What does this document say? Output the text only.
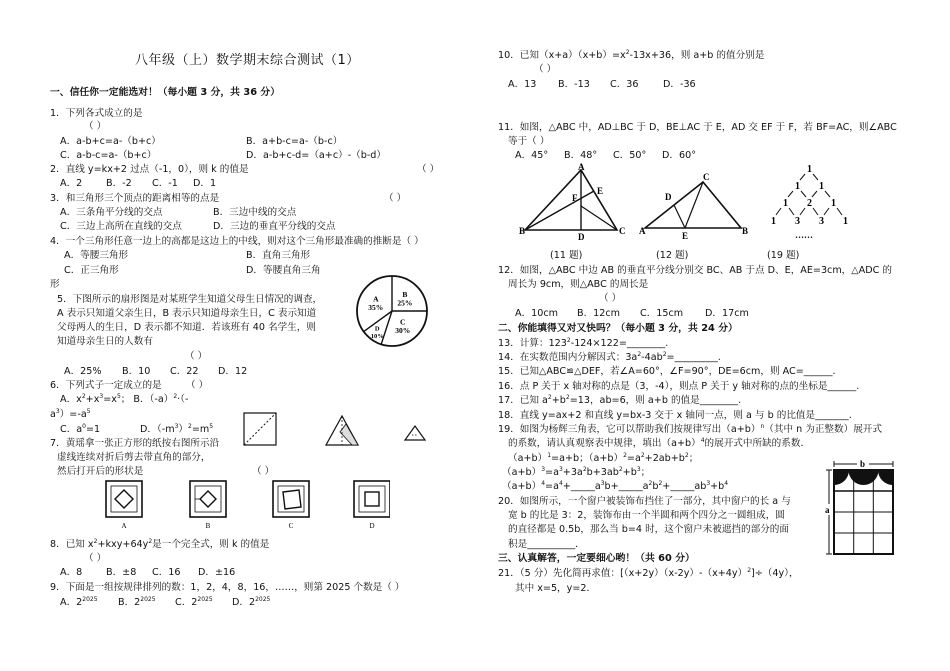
八年级（上）数学期末综合测试（1）
一、信任你一定能选对！（每小题 3 分，共 36 分）
1．下列各式成立的是
（ ）
A．a-b+c=a-（b+c）	B．a+b-c=a-（b-c）
C．a-b-c=a-（b+c）	D．a-b+c-d=（a+c）-（b-d）
2．直线 y=kx+2 过点（-1，0），则 k 的值是	（ ）
A．2 B．-2 C．-1 D．1
3．和三角形三个顶点的距离相等的点是	（ ）
A．三条角平分线的交点	B．三边中线的交点
C．三边上高所在直线的交点	D．三边的垂直平分线的交点
4．一个三角形任意一边上的高都是这边上的中线，则对这个三角形最准确的推断是（ ）
A．等腰三角形	B．直角三角形
C．正三角形	D．等腰直角三角
形
5．下图所示的扇形图是对某班学生知道父母生日情况的调查，
A 表示只知道父亲生日，B 表示只知道母亲生日，C 表示知道
父母两人的生日，D 表示都不知道．若该班有 40 名学生，则
知道母亲生日的人数有
（ ）
A．25% B．10 C．22 D．12
B
25%
C
30%
D
10%
A
35%
6．下列式子一定成立的是	（ ）
A．$x^2+x^3=x^5$； B．$(-a)^2\cdot(-$
$a^3)=-a^5$
C．$a^0=1$	D．$(-m^3)^2=m^5$
7．黄瑶拿一张正方形的纸按右图所示沿
虚线连续对折后剪去带直角的部分，
然后打开后的形状是	（ ）
A	B	C	D
8．已知 $x^2+kxy+64y^2$是一个完全式，则 k 的值是
（ ）
A．8 B．±8 C．16 D．±16
9．下面是一组按规律排列的数：1，2，4，8，16，……，则第 2025 个数是（ ）
A．$2^{2025}$ B．$2^{2025}$ C．$2^{2025}$ D．$2^{2025}$
10．已知$(x+a)(x+b)=x^2-13x+36$，则 a+b 的值分别是
（ ）
A．13 B．-13 C．36	D．-36
11．如图，△ABC 中，AD⊥BC 于 D，BE⊥AC 于 E，AD 交 EF 于 F，若 BF=AC，则∠ABC
等于（ ）
A．45° B．48° C．50° D．60°
A
B	C
D
E
F
(11 题)
C
A	B
D
E
(12 题)
1
1 1
1 2 1
1 3 3 1
……
(19 题)
12．如图，△ABC 中边 AB 的垂直平分线分别交 BC、AB 于点 D、E，AE=3cm，△ADC 的
周长为 9cm，则△ABC 的周长是
（ ）
A．10cm B．12cm C．15cm D．17cm
二、你能填得又对又快吗？（每小题 3 分，共 24 分）
13．计算：$123^2-124\times 122=\_\_\_\_\_\_\_\_$.
14．在实数范围内分解因式：$3a^2-4ab^2=\_\_\_\_\_\_\_\_\_$.
15．已知△ABC≌△DEF，若∠A=60°，∠F=90°，DE=6cm，则 AC=______.
16．点 P 关于 x 轴对称的点是（3，-4），则点 P 关于 y 轴对称的点的坐标是______.
17．已知 $a^2+b^2=13$，ab=6，则 a+b 的值是________.
18．直线 y=ax+2 和直线 y=bx-3 交于 x 轴同一点，则 a 与 b 的比值是_______.
19．如图为杨辉三角表，它可以帮助我们按规律写出$(a+b)^n$（其中 n 为正整数）展开式
的系数，请认真观察表中规律，填出$(a+b)^4$的展开式中所缺的系数．
$(a+b)^1=a+b$；$(a+b)^2=a^2+2ab+b^2$；
$(a+b)^3=a^3+3a^2b+3ab^2+b^3$；
$(a+b)^4=a^4+\_\_\_\_\_a^3b+\_\_\_\_\_a^2b^2+\_\_\_\_\_ab^3+b^4$
20．如图所示，一个窗户被装饰布挡住了一部分，其中窗户的长 a 与
宽 b 的比是 3：2，装饰布由一个半圆和两个四分之一圆组成，圆
的直径都是 0.5b，那么当 b=4 时，这个窗户未被遮挡的部分的面
积是__________．
b
a
三、认真解答，一定要细心哟！（共 60 分）
21．（5 分）先化简再求值：$[(x+2y)(x-2y)-(x+4y)^2]\div(4y)$，
其中 x=5，y=2．
